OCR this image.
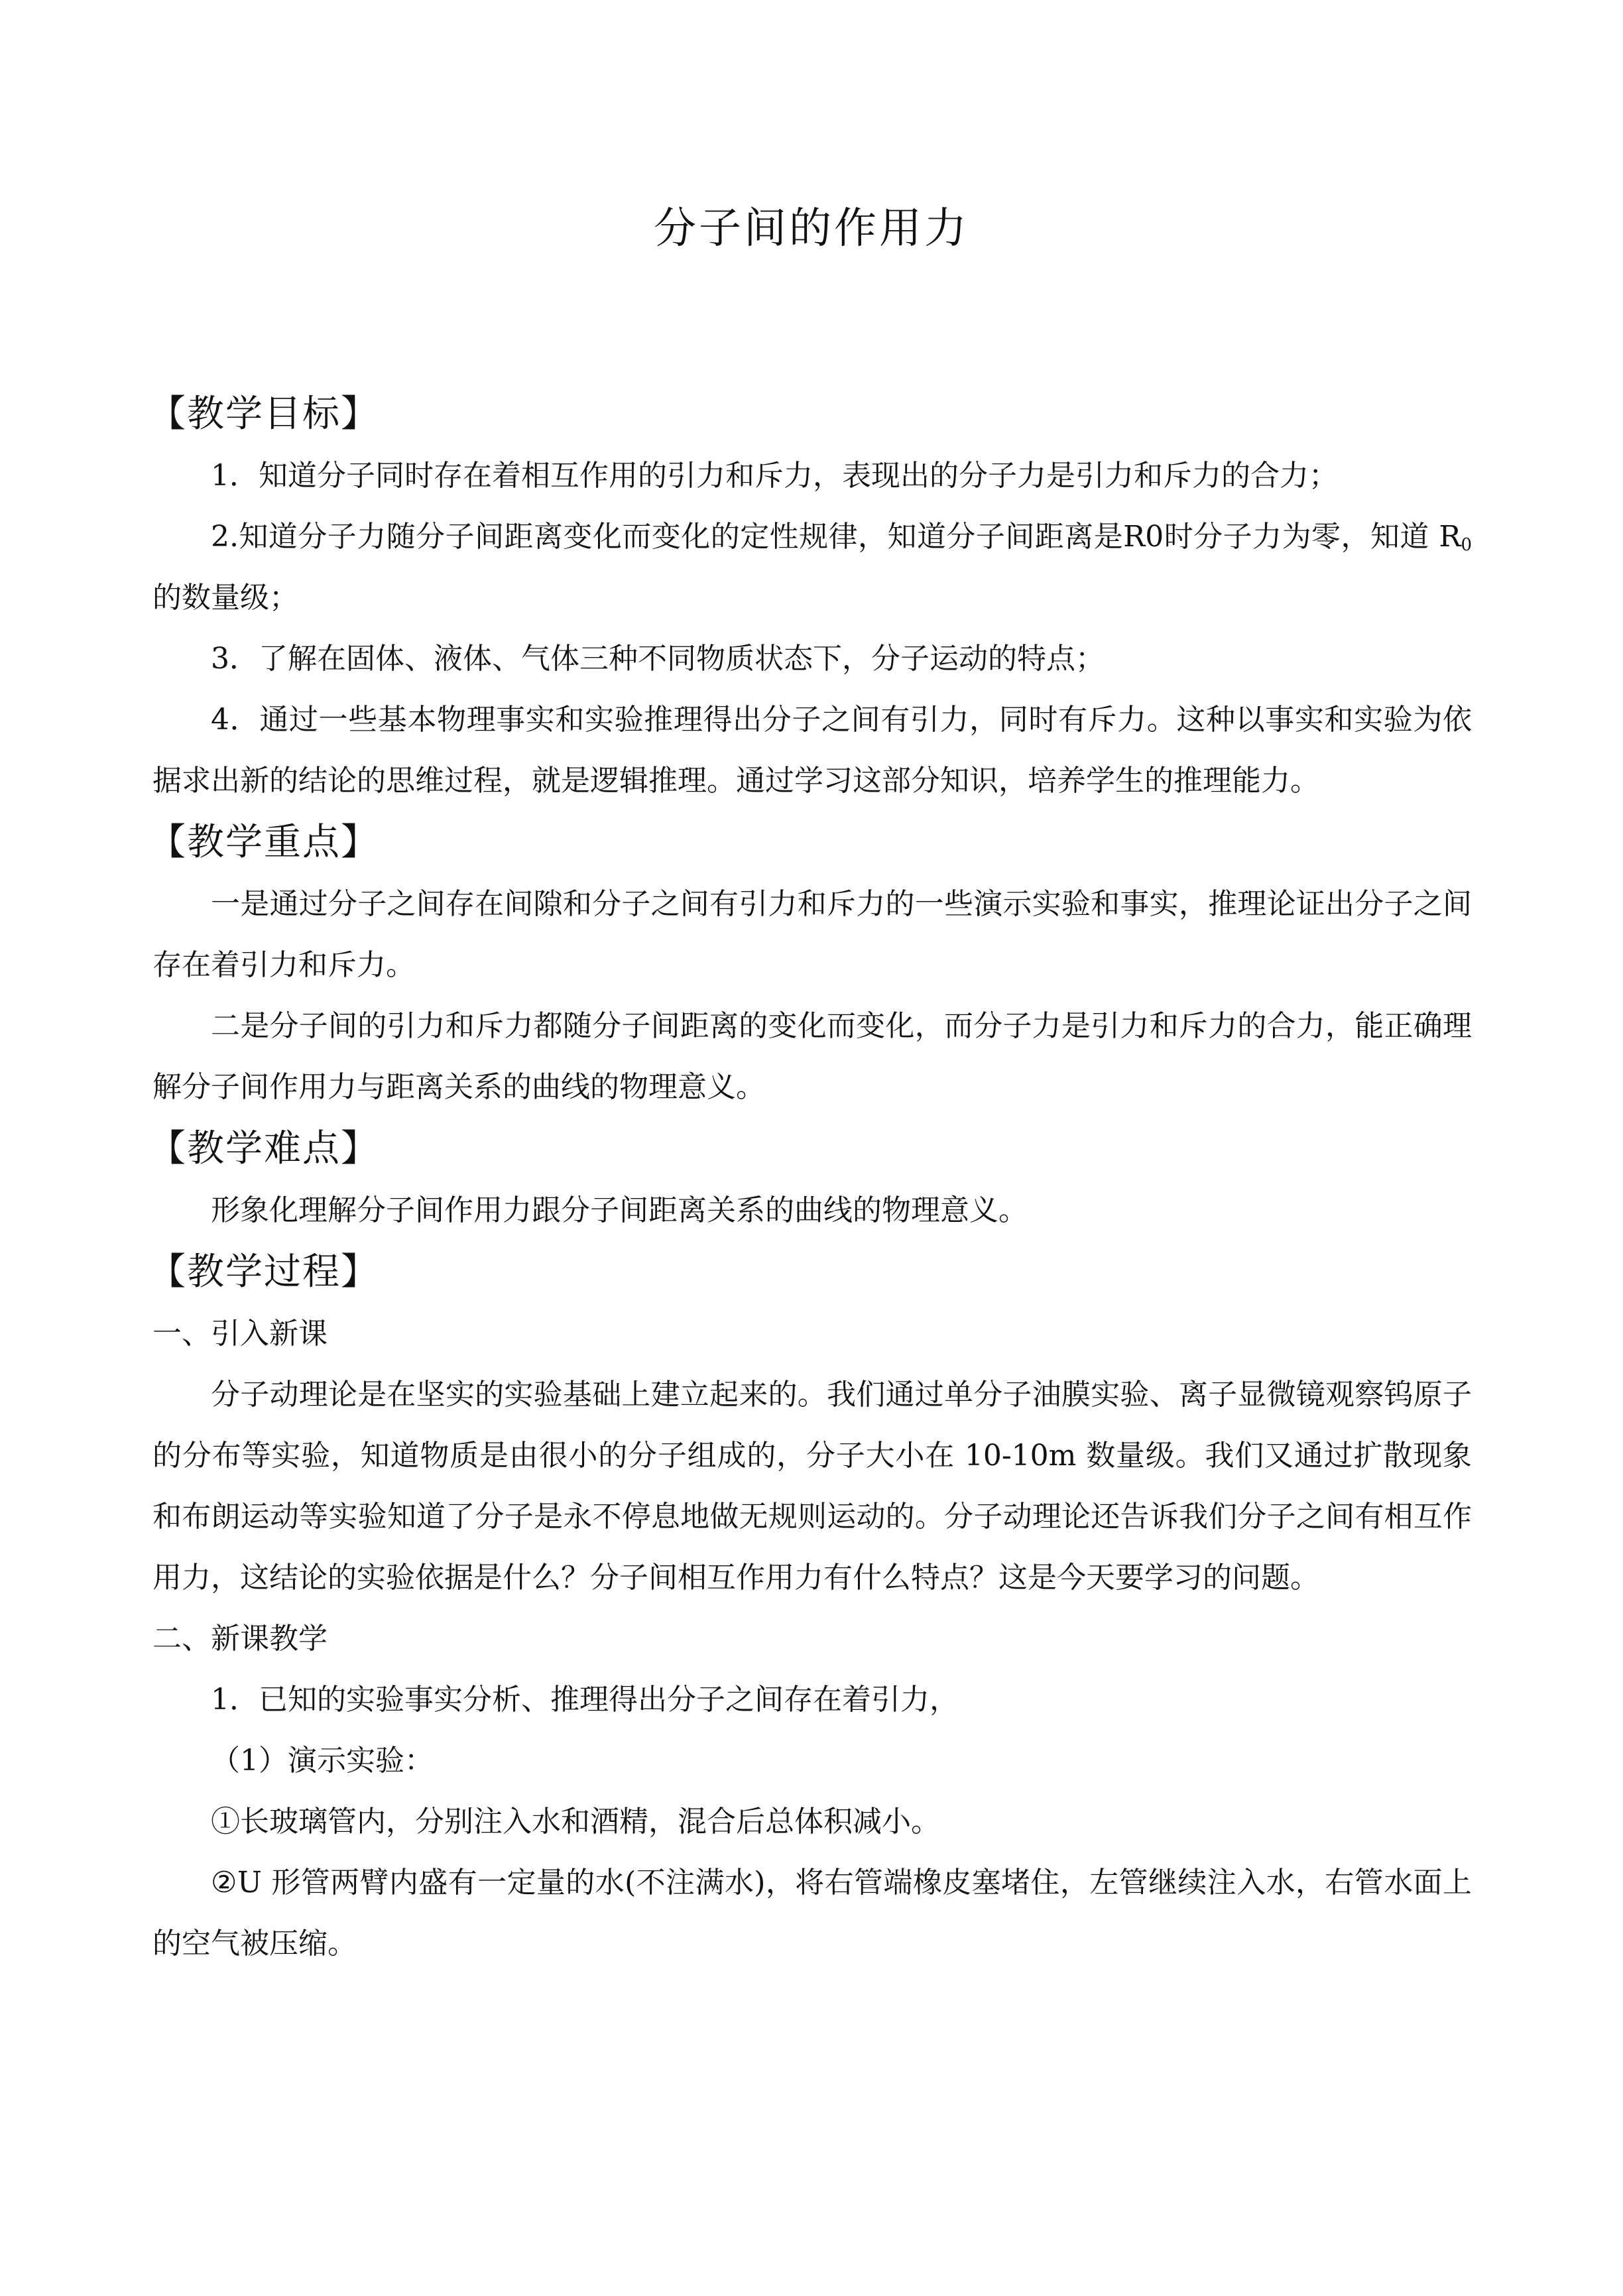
分子间的作用力

【教学目标】

1．知道分子同时存在着相互作用的引力和斥力，表现出的分子力是引力和斥力的合力；

2.知道分子力随分子间距离变化而变化的定性规律，知道分子间距离是R0时分子力为零，知道 $R_0$的数量级；

3．了解在固体、液体、气体三种不同物质状态下，分子运动的特点；

4．通过一些基本物理事实和实验推理得出分子之间有引力，同时有斥力。这种以事实和实验为依据求出新的结论的思维过程，就是逻辑推理。通过学习这部分知识，培养学生的推理能力。

【教学重点】

一是通过分子之间存在间隙和分子之间有引力和斥力的一些演示实验和事实，推理论证出分子之间存在着引力和斥力。

二是分子间的引力和斥力都随分子间距离的变化而变化，而分子力是引力和斥力的合力，能正确理解分子间作用力与距离关系的曲线的物理意义。

【教学难点】

形象化理解分子间作用力跟分子间距离关系的曲线的物理意义。

【教学过程】

一、引入新课

分子动理论是在坚实的实验基础上建立起来的。我们通过单分子油膜实验、离子显微镜观察钨原子的分布等实验，知道物质是由很小的分子组成的，分子大小在 10-10m 数量级。我们又通过扩散现象和布朗运动等实验知道了分子是永不停息地做无规则运动的。分子动理论还告诉我们分子之间有相互作用力，这结论的实验依据是什么？分子间相互作用力有什么特点？这是今天要学习的问题。

二、新课教学

1．已知的实验事实分析、推理得出分子之间存在着引力，

（1）演示实验：

①长玻璃管内，分别注入水和酒精，混合后总体积减小。

②U 形管两臂内盛有一定量的水(不注满水)，将右管端橡皮塞堵住，左管继续注入水，右管水面上的空气被压缩。
